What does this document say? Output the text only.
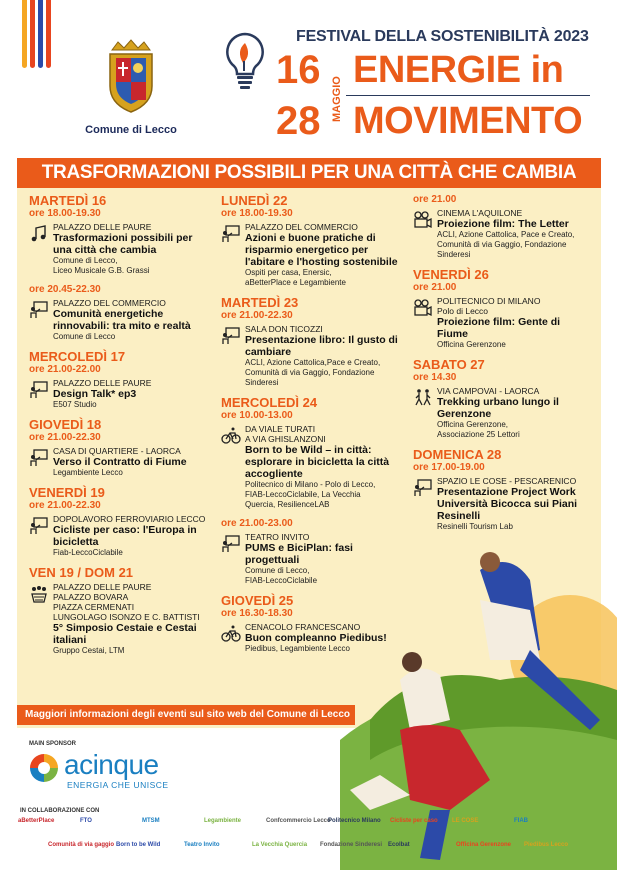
Comune di Lecco
FESTIVAL DELLA SOSTENIBILITÀ 2023
16
28 MAGGIO
ENERGIE in
MOVIMENTO
TRASFORMAZIONI POSSIBILI PER UNA CITTÀ CHE CAMBIA
MARTEDÌ 16
ore 18.00-19.30
PALAZZO DELLE PAURE
Trasformazioni possibili per una città che cambia
Comune di Lecco,
Liceo Musicale G.B. Grassi
ore 20.45-22.30
PALAZZO DEL COMMERCIO
Comunità energetiche rinnovabili: tra mito e realtà
Comune di Lecco
MERCOLEDÌ 17
ore 21.00-22.00
PALAZZO DELLE PAURE
Design Talk* ep3
E507 Studio
GIOVEDÌ 18
ore 21.00-22.30
CASA DI QUARTIERE - LAORCA
Verso il Contratto di Fiume
Legambiente Lecco
VENERDÌ 19
ore 21.00-22.30
DOPOLAVORO FERROVIARIO LECCO
Cicliste per caso: l'Europa in bicicletta
Fiab-LeccoCiclabile
VEN 19 / DOM 21
PALAZZO DELLE PAURE
PALAZZO BOVARA
PIAZZA CERMENATI
LUNGOLAGO ISONZO E C. BATTISTI
5° Simposio Cestaie e Cestai italiani
Gruppo Cestai, LTM
LUNEDÌ 22
ore 18.00-19.30
PALAZZO DEL COMMERCIO
Azioni e buone pratiche di risparmio energetico per l'abitare e l'hosting sostenibile
Ospiti per casa, Enersic,
aBetterPlace e Legambiente
MARTEDÌ 23
ore 21.00-22.30
SALA DON TICOZZI
Presentazione libro: Il gusto di cambiare
ACLI, Azione Cattolica,Pace e Creato,
Comunità di via Gaggio, Fondazione
Sinderesi
MERCOLEDÌ 24
ore 10.00-13.00
DA VIALE TURATI
A VIA GHISLANZONI
Born to be Wild – in città: esplorare in bicicletta la città accogliente
Politecnico di Milano - Polo di Lecco,
FIAB-LeccoCiclabile, La Vecchia
Quercia, ResilienceLAB
ore 21.00-23.00
TEATRO INVITO
PUMS e BiciPlan: fasi progettuali
Comune di Lecco,
FIAB-LeccoCiclabile
GIOVEDÌ 25
ore 16.30-18.30
CENACOLO FRANCESCANO
Buon compleanno Piedibus!
Piedibus, Legambiente Lecco
ore 21.00
CINEMA L'AQUILONE
Proiezione film: The Letter
ACLI, Azione Cattolica, Pace e Creato,
Comunità di via Gaggio, Fondazione
Sinderesi
VENERDÌ 26
ore 21.00
POLITECNICO DI MILANO
Polo di Lecco
Proiezione film: Gente di Fiume
Officina Gerenzone
SABATO 27
ore 14.30
VIA CAMPOVAI - LAORCA
Trekking urbano lungo il Gerenzone
Officina Gerenzone,
Associazione 25 Lettori
DOMENICA 28
ore 17.00-19.00
SPAZIO LE COSE - PESCARENICO
Presentazione Project Work Università Bicocca sui Piani Resinelli
Resinelli Tourism Lab
Maggiori informazioni degli eventi sul sito web del Comune di Lecco
MAIN SPONSOR
acinque
ENERGIA CHE UNISCE
IN COLLABORAZIONE CON
aBetterPlace	FTO	MTSM	Legambiente	Confcommercio Lecco
Politecnico Milano	Cicliste per caso	LE COSE	FIAB
Comunità di via gaggio Born to be Wild	Teatro Invito	La Vecchia Quercia	Fondazione Sinderesi Ecolbat	Officina Gerenzone	Piedibus Lecco
